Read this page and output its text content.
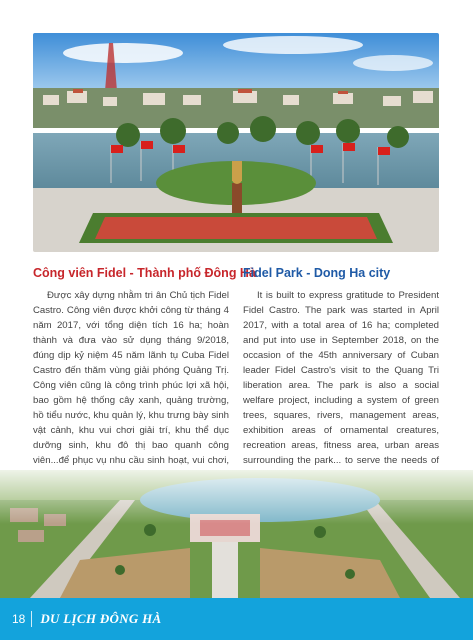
Công viên Fidel - Thành phố Đông Hà

Được xây dựng nhằm tri ân Chủ tịch Fidel Castro. Công viên được khởi công từ tháng 4 năm 2017, với tổng diện tích 16 ha; hoàn thành và đưa vào sử dụng tháng 9/2018, đúng dịp kỷ niệm 45 năm lãnh tụ Cuba Fidel Castro đến thăm vùng giải phóng Quảng Trị. Công viên cũng là công trình phúc lợi xã hội, bao gồm hệ thống cây xanh, quảng trường, hồ tiểu nước, khu quản lý, khu trưng bày sinh vật cảnh, khu vui chơi giải trí, khu thể dục dưỡng sinh, khu đô thị bao quanh công viên...để phục vụ nhu cầu sinh hoạt, vui chơi,

Fidel Park - Dong Ha city

It is built to express gratitude to President Fidel Castro. The park was started in April 2017, with a total area of 16 ha; completed and put into use in September 2018, on the occasion of the 45th anniversary of Cuban leader Fidel Castro's visit to the Quang Tri liberation area. The park is also a social welfare project, including a system of green trees, squares, rivers, management areas, exhibition areas of ornamental creatures, recreation areas, fitness area, urban areas surrounding the park... to serve the needs of

18	DU LỊCH ĐÔNG HÀ
